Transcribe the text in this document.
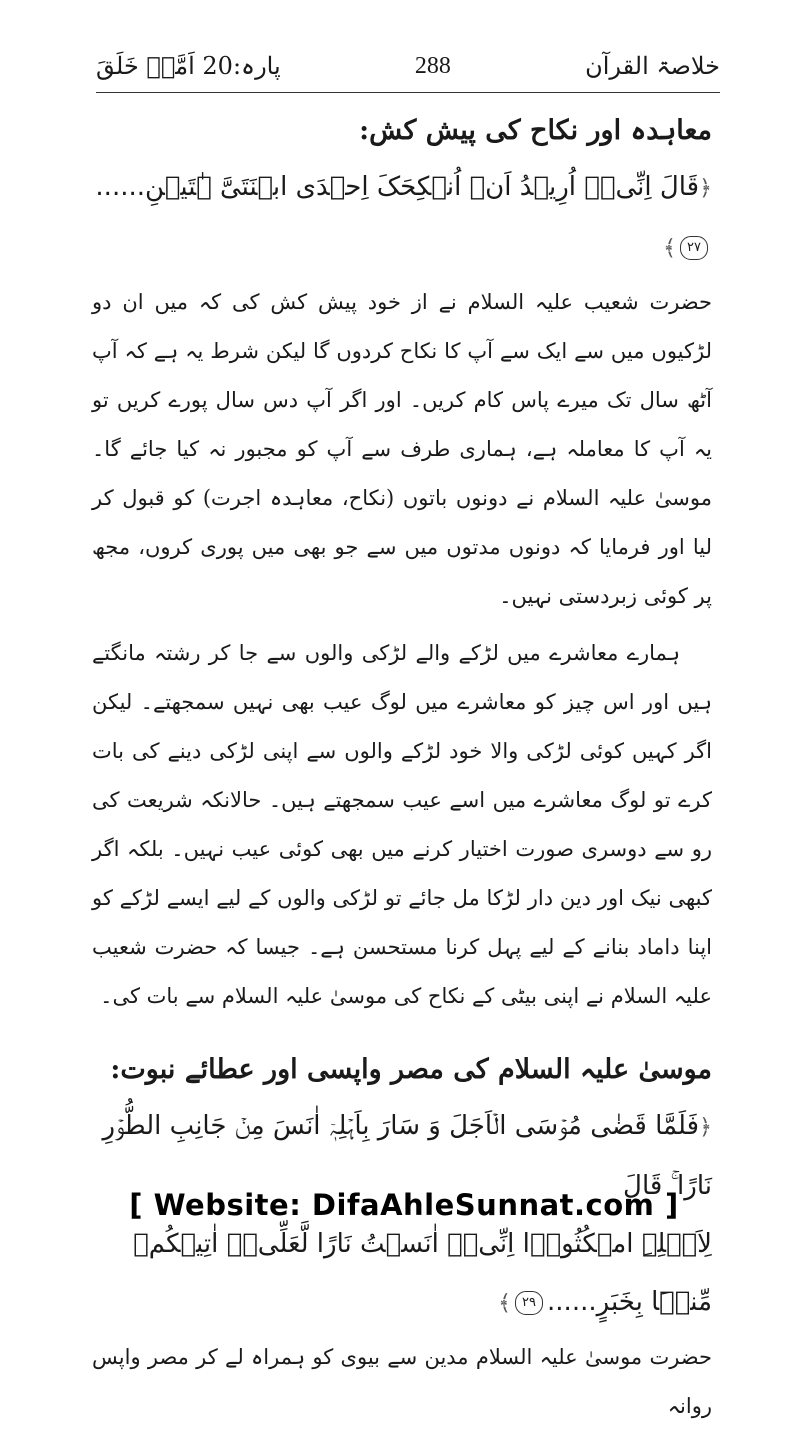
خلاصۃ القرآن
288
پارہ:20 اَمَّنۡ خَلَقَ
معاہدہ اور نکاح کی پیش کش:

﴿قَالَ اِنِّیۡۤ اُرِیۡدُ اَنۡ اُنۡکِحَکَ اِحۡدَی ابۡنَتَیَّ ہٰتَیۡنِ......٢٧﴾

حضرت شعیب علیہ السلام نے از خود پیش کش کی کہ میں ان دو لڑکیوں میں سے ایک سے آپ کا نکاح کردوں گا لیکن شرط یہ ہے کہ آپ آٹھ سال تک میرے پاس کام کریں۔ اور اگر آپ دس سال پورے کریں تو یہ آپ کا معاملہ ہے، ہماری طرف سے آپ کو مجبور نہ کیا جائے گا۔ موسیٰ علیہ السلام نے دونوں باتوں (نکاح، معاہدہ اجرت) کو قبول کر لیا اور فرمایا کہ دونوں مدتوں میں سے جو بھی میں پوری کروں، مجھ پر کوئی زبردستی نہیں۔

ہمارے معاشرے میں لڑکے والے لڑکی والوں سے جا کر رشتہ مانگتے ہیں اور اس چیز کو معاشرے میں لوگ عیب بھی نہیں سمجھتے۔ لیکن اگر کہیں کوئی لڑکی والا خود لڑکے والوں سے اپنی لڑکی دینے کی بات کرے تو لوگ معاشرے میں اسے عیب سمجھتے ہیں۔ حالانکہ شریعت کی رو سے دوسری صورت اختیار کرنے میں بھی کوئی عیب نہیں۔ بلکہ اگر کبھی نیک اور دین دار لڑکا مل جائے تو لڑکی والوں کے لیے ایسے لڑکے کو اپنا داماد بنانے کے لیے پہل کرنا مستحسن ہے۔ جیسا کہ حضرت شعیب علیہ السلام نے اپنی بیٹی کے نکاح کی موسیٰ علیہ السلام سے بات کی۔

موسیٰ علیہ السلام کی مصر واپسی اور عطائے نبوت:

﴿فَلَمَّا قَضٰی مُوۡسَی الۡاَجَلَ وَ سَارَ بِاَہۡلِہٖۤ اٰنَسَ مِنۡ جَانِبِ الطُّوۡرِ نَارًا ۚ قَالَ

لِاَہۡلِہِ امۡکُثُوۡۤا اِنِّیۡۤ اٰنَسۡتُ نَارًا لَّعَلِّیۡۤ اٰتِیۡکُمۡ مِّنۡہَا بِخَبَرٍ......٢٩﴾

حضرت موسیٰ علیہ السلام مدین سے بیوی کو ہمراہ لے کر مصر واپس روانہ

[ Website: DifaAhleSunnat.com ]
